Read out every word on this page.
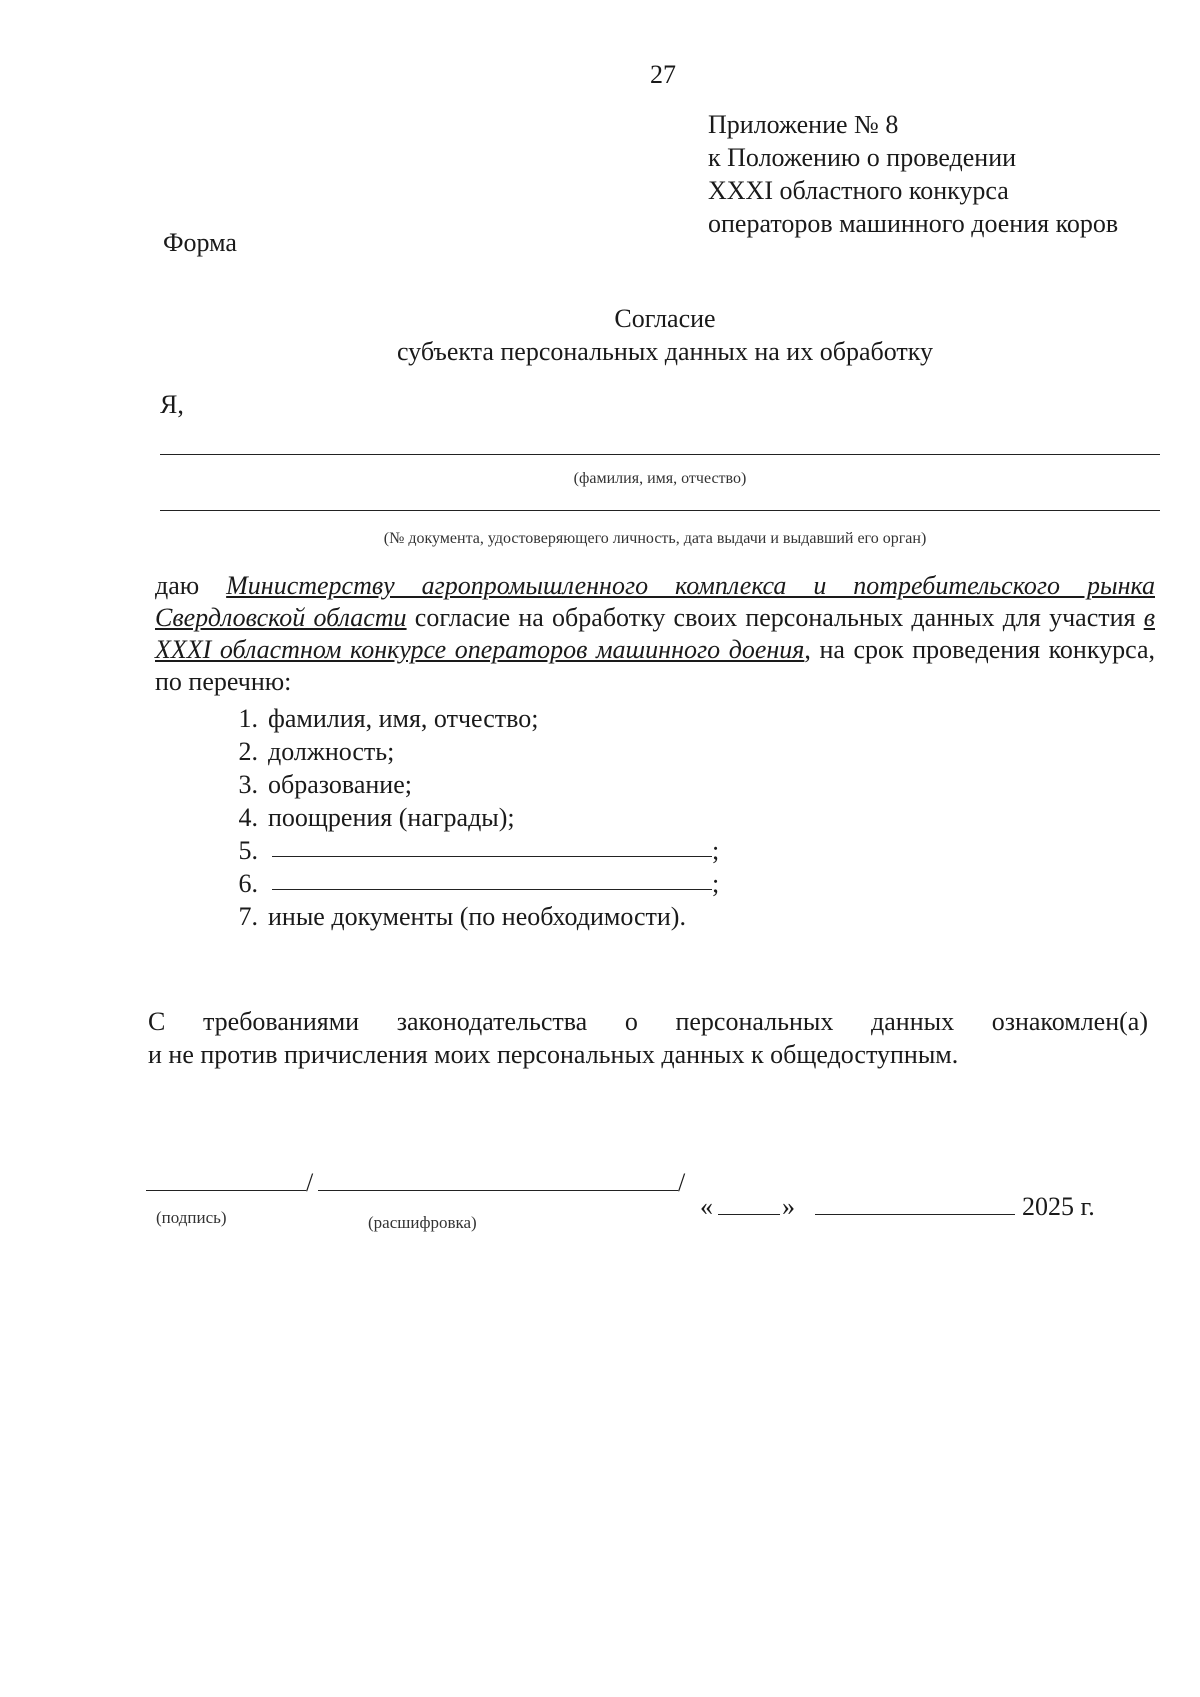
27
Приложение № 8
к Положению о проведении
XXXI областного конкурса
операторов машинного доения коров
Форма
Согласие
субъекта персональных данных на их обработку
Я,
(фамилия, имя, отчество)
(№ документа, удостоверяющего личность, дата выдачи и выдавший его орган)
даю Министерству агропромышленного комплекса и потребительского рынка Свердловской области согласие на обработку своих персональных данных для участия в XXXI областном конкурсе операторов машинного доения, на срок проведения конкурса, по перечню:
1. фамилия, имя, отчество;
2. должность;
3. образование;
4. поощрения (награды);
5.	;
6.	;
7. иные документы (по необходимости).
С требованиями законодательства о персональных данных ознакомлен(а)
и не против причисления моих персональных данных к общедоступным.
/	/
«	»	2025 г.
(подпись)	(расшифровка)
